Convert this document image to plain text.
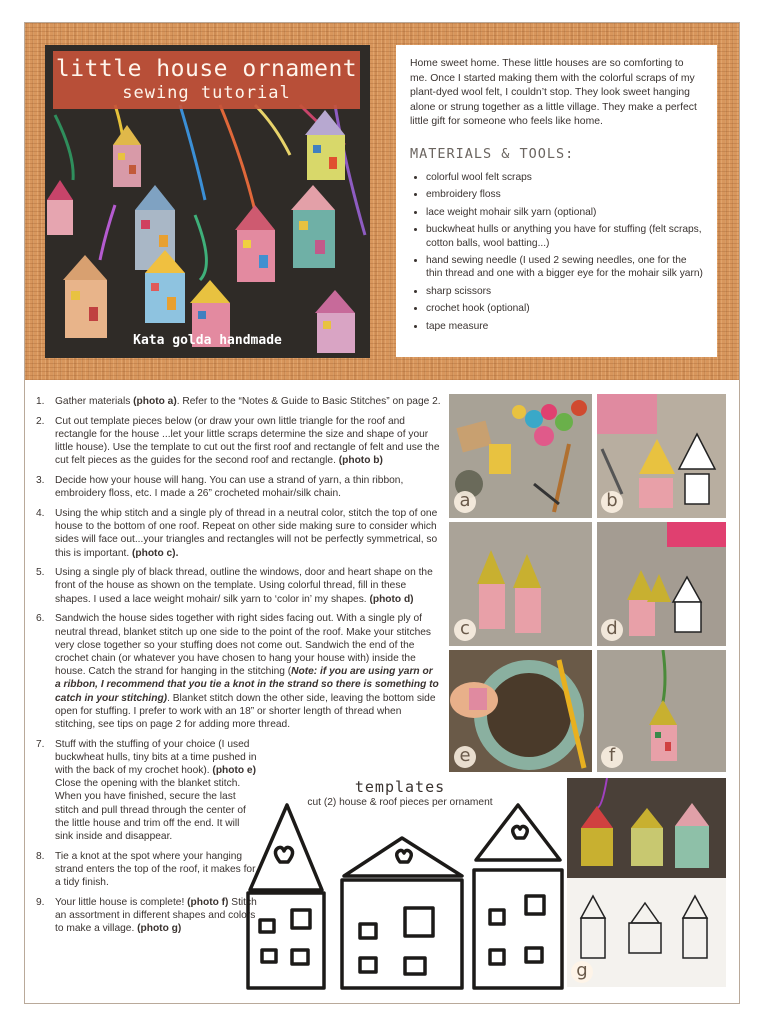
little house ornament
sewing tutorial
Kata golda handmade
Home sweet home. These little houses are so comforting to me. Once I started making them with the colorful scraps of my plant-dyed wool felt, I couldn’t stop. They look sweet hanging alone or strung together as a little village. They make a perfect little gift for someone who feels like home.
MATERIALS & TOOLS:
• colorful wool felt scraps
• embroidery floss
• lace weight mohair silk yarn (optional)
• buckwheat hulls or anything you have for stuffing (felt scraps, cotton balls, wool batting...)
• hand sewing needle (I used 2 sewing needles, one for the thin thread and one with a bigger eye for the mohair silk yarn)
• sharp scissors
• crochet hook (optional)
• tape measure
1. Gather materials (photo a). Refer to the “Notes & Guide to Basic Stitches” on page 2.
2. Cut out template pieces below (or draw your own little triangle for the roof and rectangle for the house ...let your little scraps determine the size and shape of your little house). Use the template to cut out the first roof and rectangle of felt and use the cut felt pieces as the guides for the second roof and rectangle. (photo b)
3. Decide how your house will hang. You can use a strand of yarn, a thin ribbon, embroidery floss, etc. I made a 26” crocheted mohair/silk chain.
4. Using the whip stitch and a single ply of thread in a neutral color, stitch the top of one house to the bottom of one roof. Repeat on other side making sure to consider which sides will face out...your triangles and rectangles will not be perfectly symmetrical, so this is important. (photo c).
5. Using a single ply of black thread, outline the windows, door and heart shape on the front of the house as shown on the template. Using colorful thread, fill in these shapes. I used a lace weight mohair/ silk yarn to ‘color in’ my shapes. (photo d)
6. Sandwich the house sides together with right sides facing out. With a single ply of neutral thread, blanket stitch up one side to the point of the roof. Make your stitches very close together so your stuffing does not come out. Sandwich the end of the crochet chain (or whatever you have chosen to hang your house with) inside the house. Catch the strand for hanging in the stitching (Note: if you are using yarn or a ribbon, I recommend that you tie a knot in the strand so there is something to catch in your stitching). Blanket stitch down the other side, leaving the bottom side open for stuffing. I prefer to work with an 18” or shorter length of thread when stitching, see tips on page 2 for adding more thread.
7. Stuff with the stuffing of your choice (I used buckwheat hulls, tiny bits at a time pushed in with the back of my crochet hook). (photo e) Close the opening with the blanket stitch. When you have finished, secure the last stitch and pull thread through the center of the little house and trim off the end. It will sink inside and disappear.
8. Tie a knot at the spot where your hanging strand enters the top of the roof, it makes for a tidy finish.
9. Your little house is complete! (photo f) Stitch an assortment in different shapes and colors to make a village. (photo g)
a	b
c	d
e	f
g
templates
cut (2) house & roof pieces per ornament
